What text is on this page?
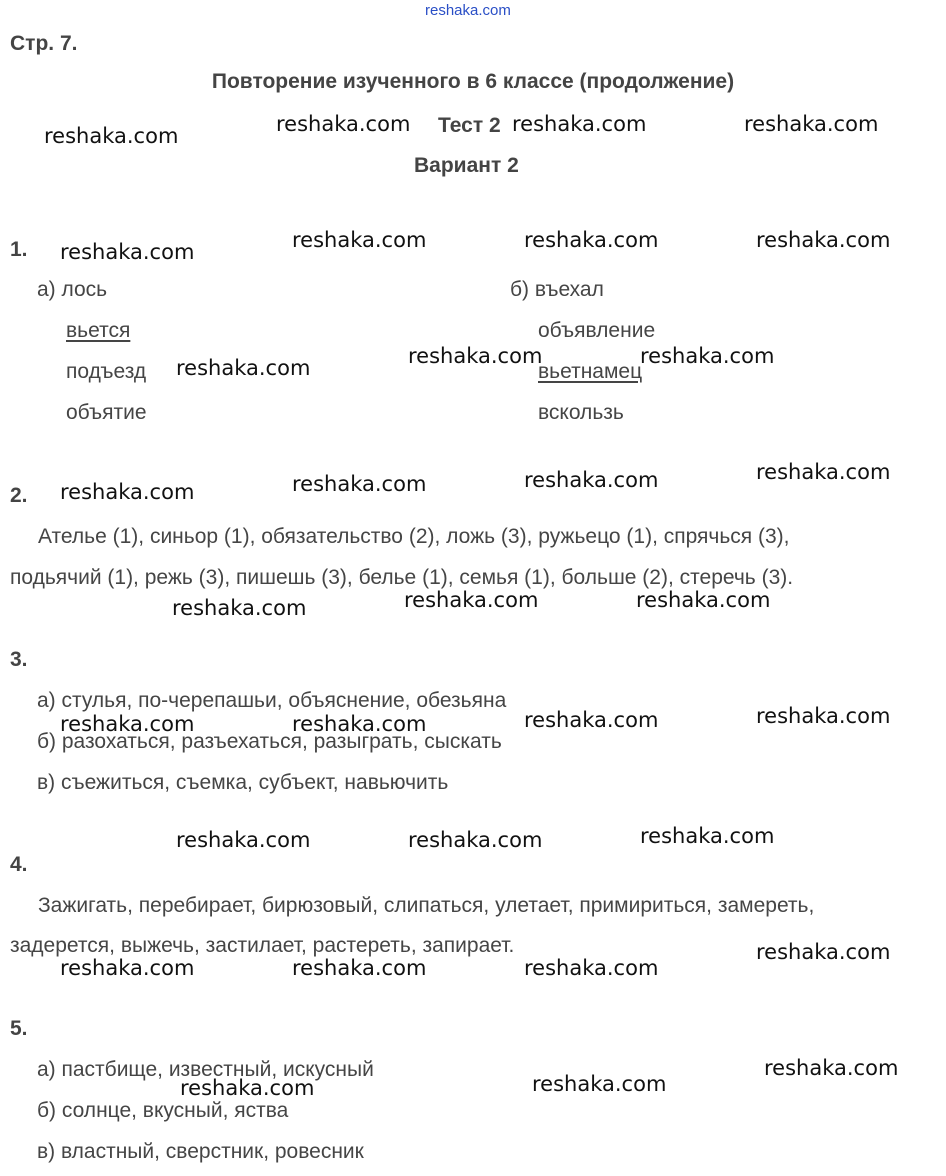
reshaka.com
Стр. 7.
Повторение изученного в 6 классе (продолжение)
Тест 2
Вариант 2
1.
а) лось
вьется
подъезд
объятие
б) въехал
объявление
вьетнамец
вскользь
2.
Ателье (1), синьор (1), обязательство (2), ложь (3), ружьецо (1), спрячься (3),
подьячий (1), режь (3), пишешь (3), белье (1), семья (1), больше (2), стеречь (3).
3.
а) стулья, по-черепашьи, объяснение, обезьяна
б) разохаться, разъехаться, разыграть, сыскать
в) съежиться, съемка, субъект, навьючить
4.
Зажигать, перебирает, бирюзовый, слипаться, улетает, примириться, замереть,
задерется, выжечь, застилает, растереть, запирает.
5.
а) пастбище, известный, искусный
б) солнце, вкусный, яства
в) властный, сверстник, ровесник
reshaka.com	reshaka.com	reshaka.com	reshaka.com
reshaka.com	reshaka.com	reshaka.com	reshaka.com
reshaka.com	reshaka.com	reshaka.com
reshaka.com	reshaka.com	reshaka.com	reshaka.com
reshaka.com	reshaka.com	reshaka.com
reshaka.com	reshaka.com	reshaka.com	reshaka.com
reshaka.com	reshaka.com	reshaka.com
reshaka.com	reshaka.com	reshaka.com
reshaka.com
reshaka.com	reshaka.com
reshaka.com
